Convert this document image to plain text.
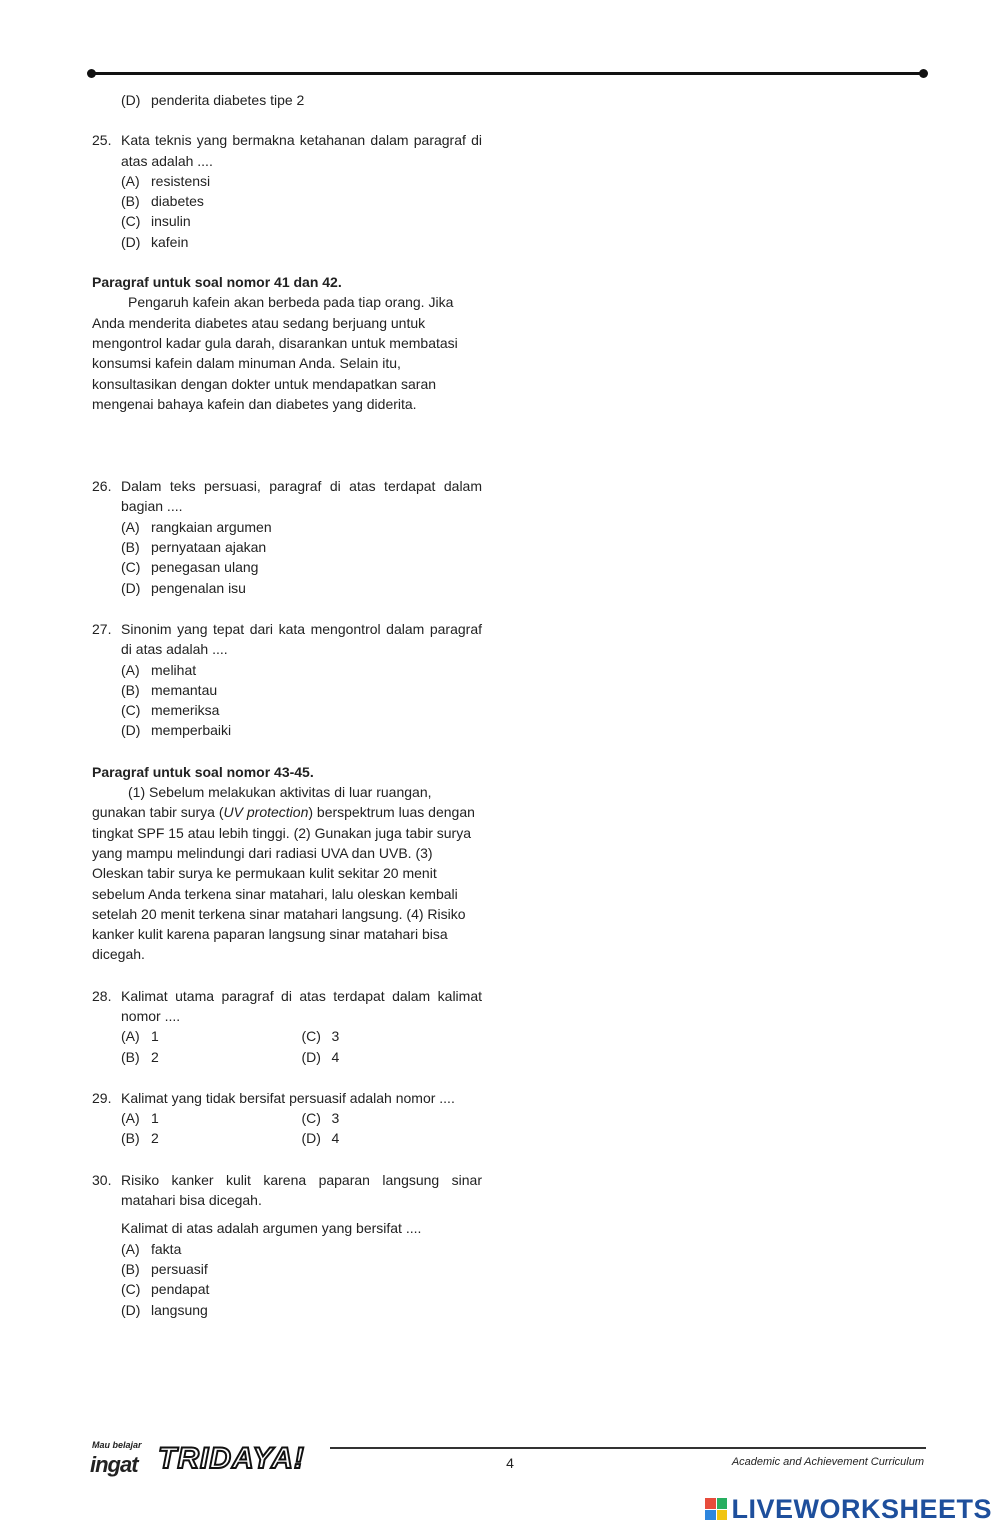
(D) penderita diabetes tipe 2
25. Kata teknis yang bermakna ketahanan dalam paragraf di atas adalah ....
(A) resistensi
(B) diabetes
(C) insulin
(D) kafein
Paragraf untuk soal nomor 41 dan 42.
Pengaruh kafein akan berbeda pada tiap orang. Jika Anda menderita diabetes atau sedang berjuang untuk mengontrol kadar gula darah, disarankan untuk membatasi konsumsi kafein dalam minuman Anda. Selain itu, konsultasikan dengan dokter untuk mendapatkan saran mengenai bahaya kafein dan diabetes yang diderita.
26. Dalam teks persuasi, paragraf di atas terdapat dalam bagian ....
(A) rangkaian argumen
(B) pernyataan ajakan
(C) penegasan ulang
(D) pengenalan isu
27. Sinonim yang tepat dari kata mengontrol dalam paragraf di atas adalah ....
(A) melihat
(B) memantau
(C) memeriksa
(D) memperbaiki
Paragraf untuk soal nomor 43-45.
(1) Sebelum melakukan aktivitas di luar ruangan, gunakan tabir surya (UV protection) berspektrum luas dengan tingkat SPF 15 atau lebih tinggi. (2) Gunakan juga tabir surya yang mampu melindungi dari radiasi UVA dan UVB. (3) Oleskan tabir surya ke permukaan kulit sekitar 20 menit sebelum Anda terkena sinar matahari, lalu oleskan kembali setelah 20 menit terkena sinar matahari langsung. (4) Risiko kanker kulit karena paparan langsung sinar matahari bisa dicegah.
28. Kalimat utama paragraf di atas terdapat dalam kalimat nomor ....
(A) 1	(C) 3
(B) 2	(D) 4
29. Kalimat yang tidak bersifat persuasif adalah nomor ....
(A) 1	(C) 3
(B) 2	(D) 4
30. Risiko kanker kulit karena paparan langsung sinar matahari bisa dicegah.
Kalimat di atas adalah argumen yang bersifat ....
(A) fakta
(B) persuasif
(C) pendapat
(D) langsung
Mau belajar
ingat TRIDAYA!	4	Academic and Achievement Curriculum
LIVEWORKSHEETS
